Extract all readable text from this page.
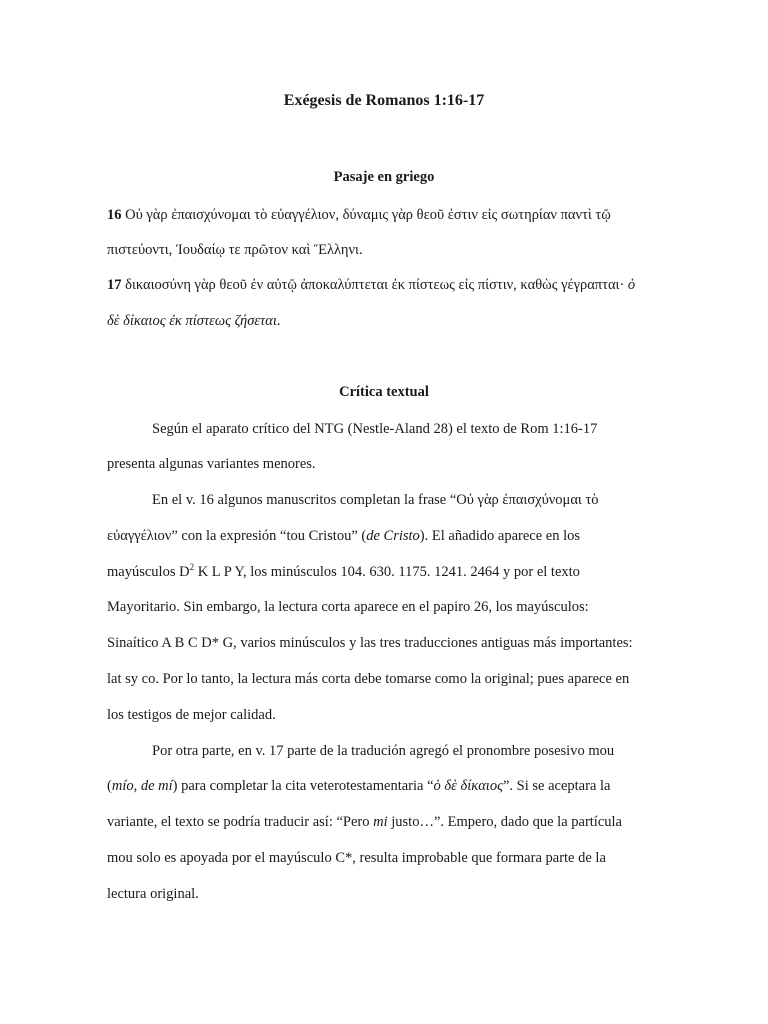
Exégesis de Romanos 1:16-17
Pasaje en griego
16 Οὐ γὰρ ἐπαισχύνομαι τὸ εὐαγγέλιον, δύναμις γὰρ θεοῦ ἐστιν εἰς σωτηρίαν παντὶ τῷ
πιστεύοντι, Ἰουδαίῳ τε πρῶτον καὶ Ἕλληνι.
17 δικαιοσύνη γὰρ θεοῦ ἐν αὐτῷ ἀποκαλύπτεται ἐκ πίστεως εἰς πίστιν, καθὼς γέγραπται· ὁ
δὲ δίκαιος ἐκ πίστεως ζήσεται.
Crítica textual
Según el aparato crítico del NTG (Nestle-Aland 28) el texto de Rom 1:16-17
presenta algunas variantes menores.
En el v. 16 algunos manuscritos completan la frase “Οὐ γὰρ ἐπαισχύνομαι τὸ
εὐαγγέλιον” con la expresión “tou Cristou” (de Cristo). El añadido aparece en los
mayúsculos $D^2$ K L P Y, los minúsculos 104. 630. 1175. 1241. 2464 y por el texto
Mayoritario. Sin embargo, la lectura corta aparece en el papiro 26, los mayúsculos:
Sinaítico A B C D* G, varios minúsculos y las tres traducciones antiguas más importantes:
lat sy co. Por lo tanto, la lectura más corta debe tomarse como la original; pues aparece en
los testigos de mejor calidad.
Por otra parte, en v. 17 parte de la tradución agregó el pronombre posesivo mou
(mío, de mí) para completar la cita veterotestamentaria “ὁ δὲ δίκαιος”. Si se aceptara la
variante, el texto se podría traducir así: “Pero mi justo…”. Empero, dado que la partícula
mou solo es apoyada por el mayúsculo C*, resulta improbable que formara parte de la
lectura original.
